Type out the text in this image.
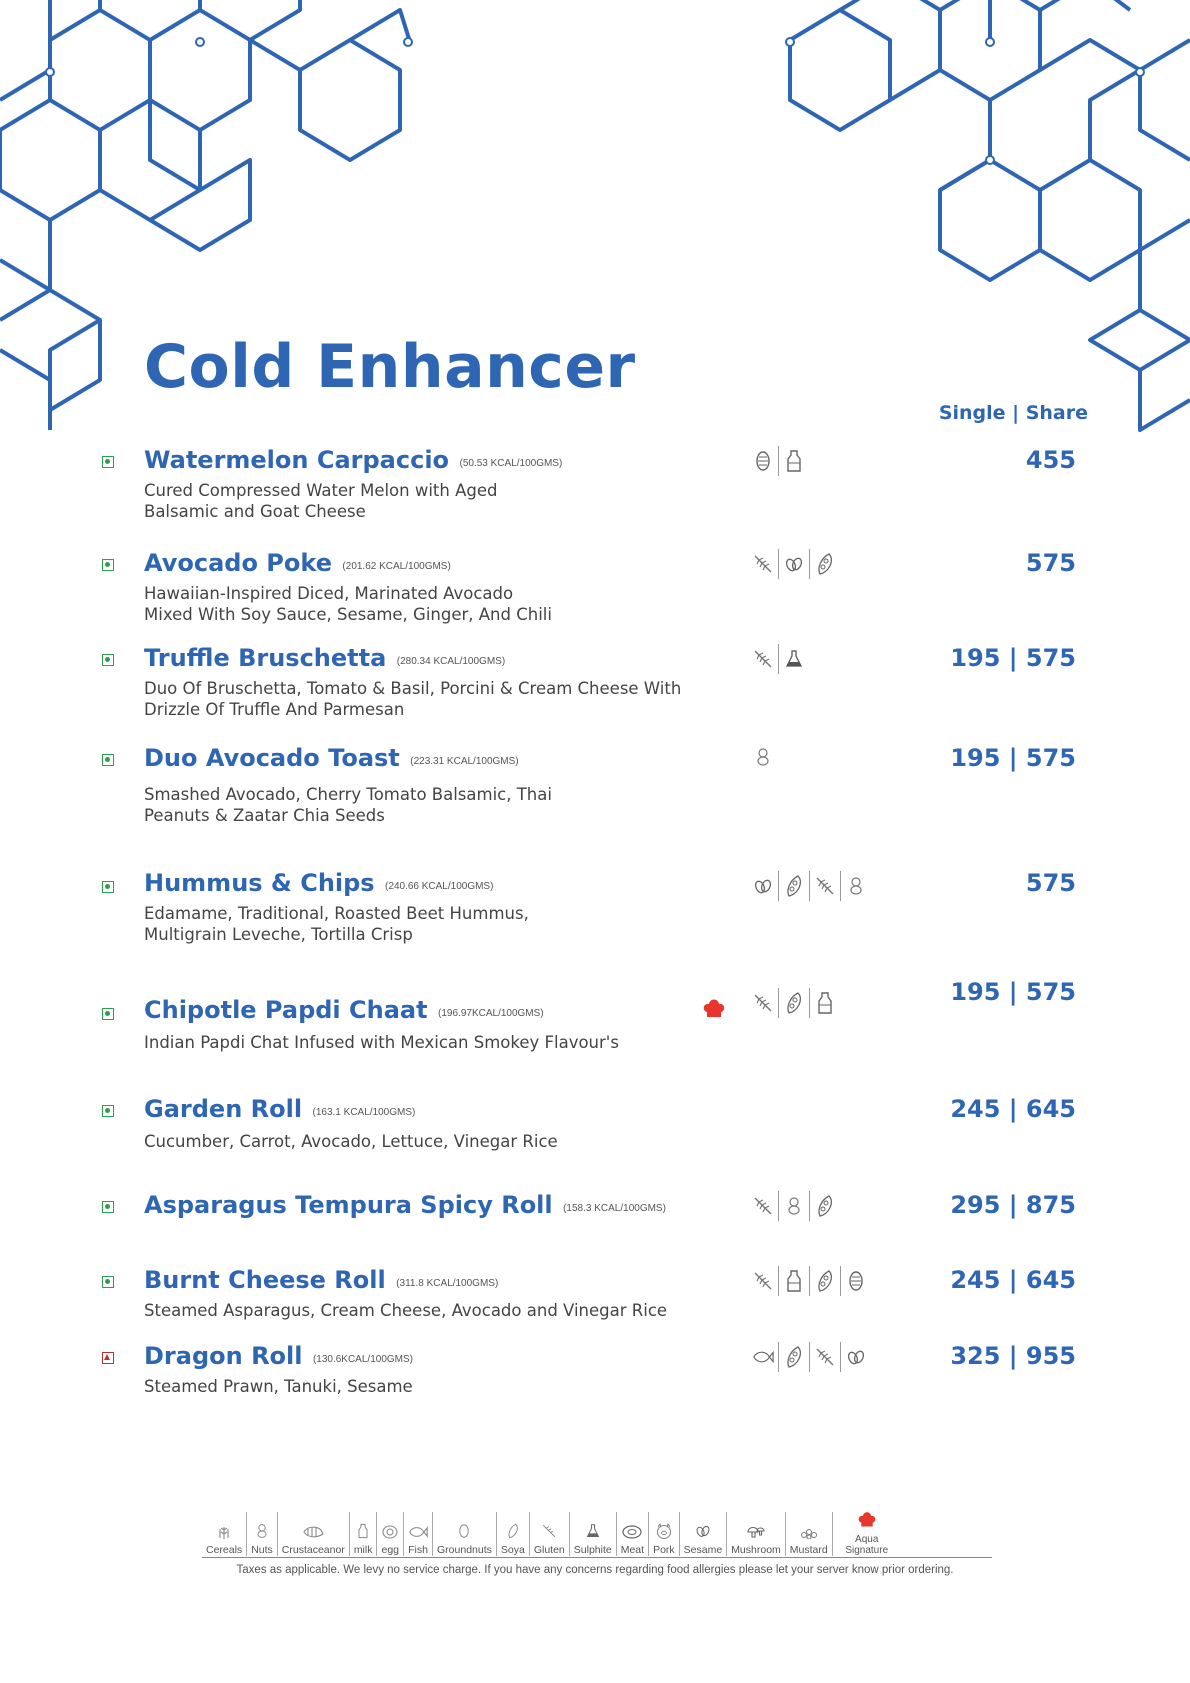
Cold Enhancer
Single | Share
Watermelon Carpaccio (50.53 KCAL/100GMS)
Cured Compressed Water Melon with Aged Balsamic and Goat Cheese
455
Avocado Poke (201.62 KCAL/100GMS)
Hawaiian-Inspired Diced, Marinated Avocado Mixed With Soy Sauce, Sesame, Ginger, And Chili
575
Truffle Bruschetta (280.34 KCAL/100GMS)
Duo Of Bruschetta, Tomato & Basil, Porcini & Cream Cheese With Drizzle Of Truffle And Parmesan
195 | 575
Duo Avocado Toast (223.31 KCAL/100GMS)
Smashed Avocado, Cherry Tomato Balsamic, Thai Peanuts & Zaatar Chia Seeds
195 | 575
Hummus & Chips (240.66 KCAL/100GMS)
Edamame, Traditional, Roasted Beet Hummus, Multigrain Leveche, Tortilla Crisp
575
Chipotle Papdi Chaat (196.97KCAL/100GMS)
Indian Papdi Chat Infused with Mexican Smokey Flavour's
195 | 575
Garden Roll (163.1 KCAL/100GMS)
Cucumber, Carrot, Avocado, Lettuce, Vinegar Rice
245 | 645
Asparagus Tempura Spicy Roll (158.3 KCAL/100GMS)	295 | 875
Burnt Cheese Roll (311.8 KCAL/100GMS)
Steamed Asparagus, Cream Cheese, Avocado and Vinegar Rice
245 | 645
Dragon Roll (130.6KCAL/100GMS)
Steamed Prawn, Tanuki, Sesame
325 | 955
Cereals Nuts Crustaceanor milk egg Fish Groundnuts Soya Gluten Sulphite Meat Pork Sesame Mushroom Mustard
Aqua Signature
Taxes as applicable. We levy no service charge. If you have any concerns regarding food allergies please let your server know prior ordering.
